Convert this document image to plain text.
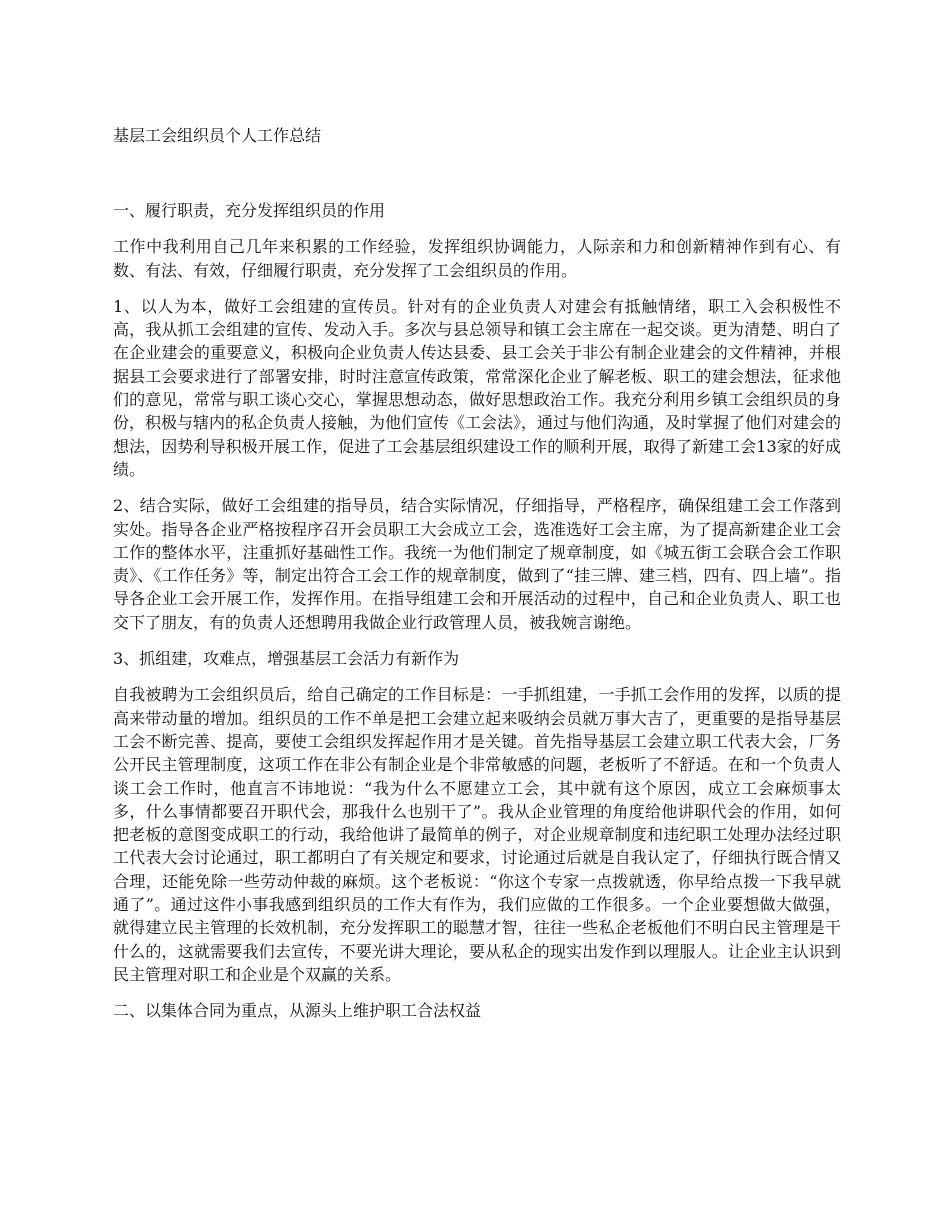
基层工会组织员个人工作总结
一、履行职责，充分发挥组织员的作用

工作中我利用自己几年来积累的工作经验，发挥组织协调能力，人际亲和力和创新精神作到有心、有数、有法、有效，仔细履行职责，充分发挥了工会组织员的作用。

1、以人为本，做好工会组建的宣传员。针对有的企业负责人对建会有抵触情绪，职工入会积极性不高，我从抓工会组建的宣传、发动入手。多次与县总领导和镇工会主席在一起交谈。更为清楚、明白了在企业建会的重要意义，积极向企业负责人传达县委、县工会关于非公有制企业建会的文件精神，并根据县工会要求进行了部署安排，时时注意宣传政策，常常深化企业了解老板、职工的建会想法，征求他们的意见，常常与职工谈心交心，掌握思想动态，做好思想政治工作。我充分利用乡镇工会组织员的身份，积极与辖内的私企负责人接触，为他们宣传《工会法》，通过与他们沟通，及时掌握了他们对建会的想法，因势利导积极开展工作，促进了工会基层组织建设工作的顺利开展，取得了新建工会13家的好成绩。

2、结合实际，做好工会组建的指导员，结合实际情况，仔细指导，严格程序，确保组建工会工作落到实处。指导各企业严格按程序召开会员职工大会成立工会，选准选好工会主席，为了提高新建企业工会工作的整体水平，注重抓好基础性工作。我统一为他们制定了规章制度，如《城五街工会联合会工作职责》、《工作任务》等，制定出符合工会工作的规章制度，做到了“挂三牌、建三档，四有、四上墙”。指导各企业工会开展工作，发挥作用。在指导组建工会和开展活动的过程中，自己和企业负责人、职工也交下了朋友，有的负责人还想聘用我做企业行政管理人员，被我婉言谢绝。

3、抓组建，攻难点，增强基层工会活力有新作为

自我被聘为工会组织员后，给自己确定的工作目标是：一手抓组建，一手抓工会作用的发挥，以质的提高来带动量的增加。组织员的工作不单是把工会建立起来吸纳会员就万事大吉了，更重要的是指导基层工会不断完善、提高，要使工会组织发挥起作用才是关键。首先指导基层工会建立职工代表大会，厂务公开民主管理制度，这项工作在非公有制企业是个非常敏感的问题，老板听了不舒适。在和一个负责人谈工会工作时，他直言不讳地说：“我为什么不愿建立工会，其中就有这个原因，成立工会麻烦事太多，什么事情都要召开职代会，那我什么也别干了”。我从企业管理的角度给他讲职代会的作用，如何把老板的意图变成职工的行动，我给他讲了最简单的例子，对企业规章制度和违纪职工处理办法经过职工代表大会讨论通过，职工都明白了有关规定和要求，讨论通过后就是自我认定了，仔细执行既合情又合理，还能免除一些劳动仲裁的麻烦。这个老板说：“你这个专家一点拨就透，你早给点拨一下我早就通了”。通过这件小事我感到组织员的工作大有作为，我们应做的工作很多。一个企业要想做大做强，就得建立民主管理的长效机制，充分发挥职工的聪慧才智，往往一些私企老板他们不明白民主管理是干什么的，这就需要我们去宣传，不要光讲大理论，要从私企的现实出发作到以理服人。让企业主认识到民主管理对职工和企业是个双赢的关系。

二、以集体合同为重点，从源头上维护职工合法权益
